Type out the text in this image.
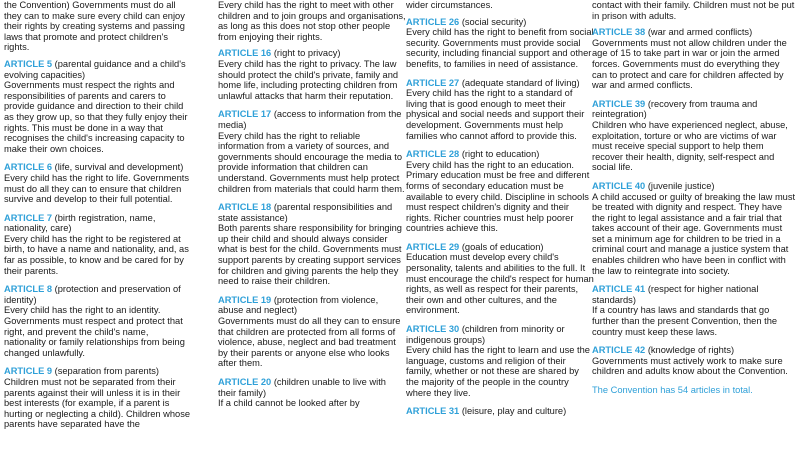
the Convention) Governments must do all they can to make sure every child can enjoy their rights by creating systems and passing laws that promote and protect children's rights.

ARTICLE 5 (parental guidance and a child's evolving capacities)

Governments must respect the rights and responsibilities of parents and carers to provide guidance and direction to their child as they grow up, so that they fully enjoy their rights. This must be done in a way that recognises the child's increasing capacity to make their own choices.

ARTICLE 6 (life, survival and development)

Every child has the right to life. Governments must do all they can to ensure that children survive and develop to their full potential.

ARTICLE 7 (birth registration, name, nationality, care)

Every child has the right to be registered at birth, to have a name and nationality, and, as far as possible, to know and be cared for by their parents.

ARTICLE 8 (protection and preservation of identity)

Every child has the right to an identity. Governments must respect and protect that right, and prevent the child's name, nationality or family relationships from being changed unlawfully.

ARTICLE 9 (separation from parents)

Children must not be separated from their parents against their will unless it is in their best interests (for example, if a parent is hurting or neglecting a child). Children whose parents have separated have the

Every child has the right to meet with other children and to join groups and organisations, as long as this does not stop other people from enjoying their rights.

ARTICLE 16 (right to privacy)

Every child has the right to privacy. The law should protect the child's private, family and home life, including protecting children from unlawful attacks that harm their reputation.

ARTICLE 17 (access to information from the media)

Every child has the right to reliable information from a variety of sources, and governments should encourage the media to provide information that children can understand. Governments must help protect children from materials that could harm them.

ARTICLE 18 (parental responsibilities and state assistance)

Both parents share responsibility for bringing up their child and should always consider what is best for the child. Governments must support parents by creating support services for children and giving parents the help they need to raise their children.

ARTICLE 19 (protection from violence, abuse and neglect)

Governments must do all they can to ensure that children are protected from all forms of violence, abuse, neglect and bad treatment by their parents or anyone else who looks after them.

ARTICLE 20 (children unable to live with their family)

If a child cannot be looked after by

wider circumstances.

ARTICLE 26 (social security)

Every child has the right to benefit from social security. Governments must provide social security, including financial support and other benefits, to families in need of assistance.

ARTICLE 27 (adequate standard of living)

Every child has the right to a standard of living that is good enough to meet their physical and social needs and support their development. Governments must help families who cannot afford to provide this.

ARTICLE 28 (right to education)

Every child has the right to an education. Primary education must be free and different forms of secondary education must be available to every child. Discipline in schools must respect children's dignity and their rights. Richer countries must help poorer countries achieve this.

ARTICLE 29 (goals of education)

Education must develop every child's personality, talents and abilities to the full. It must encourage the child's respect for human rights, as well as respect for their parents, their own and other cultures, and the environment.

ARTICLE 30 (children from minority or indigenous groups)

Every child has the right to learn and use the language, customs and religion of their family, whether or not these are shared by the majority of the people in the country where they live.

ARTICLE 31 (leisure, play and culture)

contact with their family. Children must not be put in prison with adults.

ARTICLE 38 (war and armed conflicts)

Governments must not allow children under the age of 15 to take part in war or join the armed forces. Governments must do everything they can to protect and care for children affected by war and armed conflicts.

ARTICLE 39 (recovery from trauma and reintegration)

Children who have experienced neglect, abuse, exploitation, torture or who are victims of war must receive special support to help them recover their health, dignity, self-respect and social life.

ARTICLE 40 (juvenile justice)

A child accused or guilty of breaking the law must be treated with dignity and respect. They have the right to legal assistance and a fair trial that takes account of their age. Governments must set a minimum age for children to be tried in a criminal court and manage a justice system that enables children who have been in conflict with the law to reintegrate into society.

ARTICLE 41 (respect for higher national standards)

If a country has laws and standards that go further than the present Convention, then the country must keep these laws.

ARTICLE 42 (knowledge of rights)

Governments must actively work to make sure children and adults know about the Convention.

The Convention has 54 articles in total.
